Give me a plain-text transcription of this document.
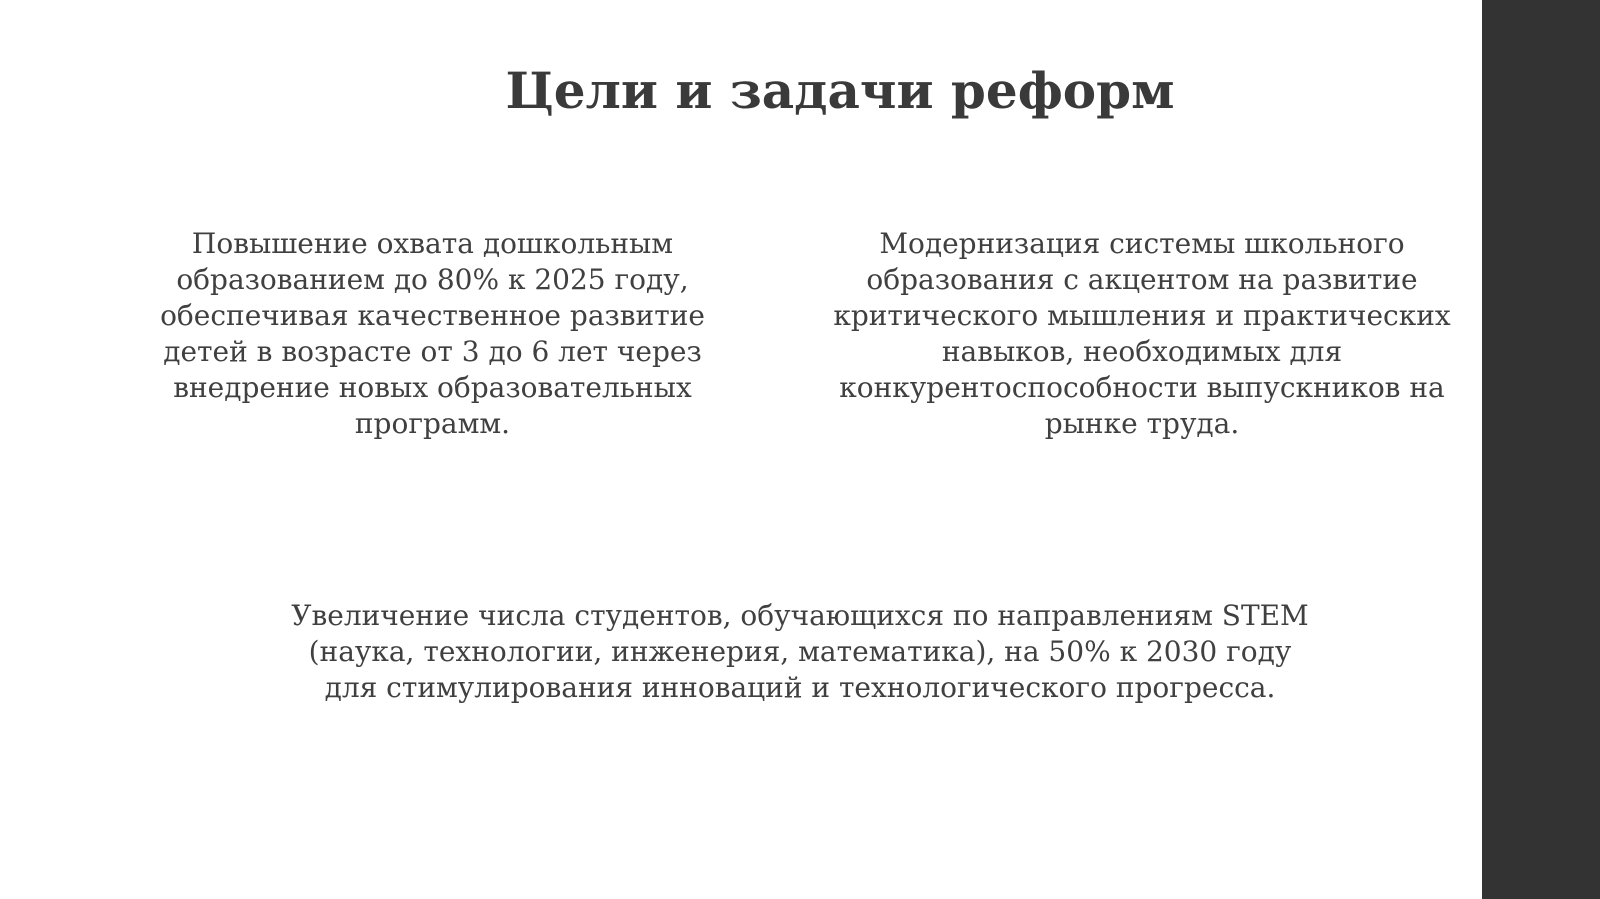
Цели и задачи реформ

Повышение охвата дошкольным образованием до 80% к 2025 году, обеспечивая качественное развитие детей в возрасте от 3 до 6 лет через внедрение новых образовательных программ.

Модернизация системы школьного образования с акцентом на развитие критического мышления и практических навыков, необходимых для конкурентоспособности выпускников на рынке труда.

Увеличение числа студентов, обучающихся по направлениям STEM (наука, технологии, инженерия, математика), на 50% к 2030 году для стимулирования инноваций и технологического прогресса.
